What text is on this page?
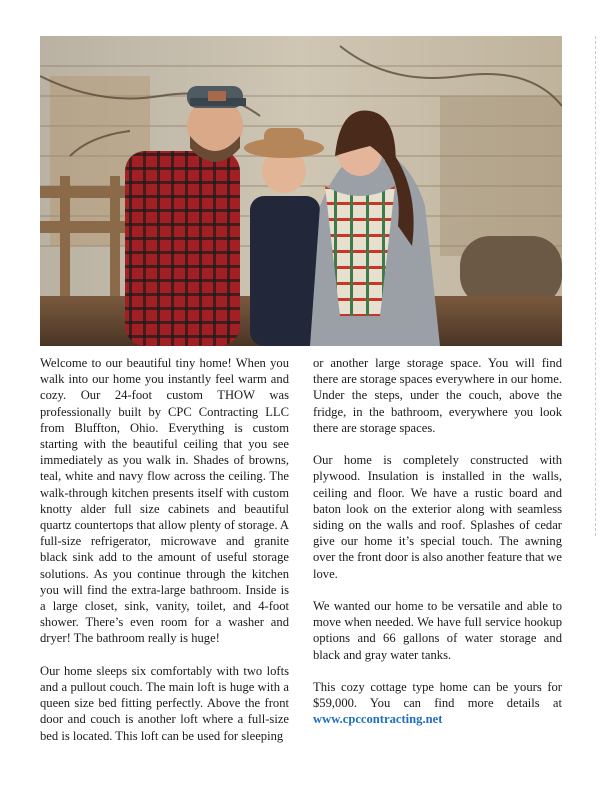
Welcome to our beautiful tiny home! When you walk into our home you instantly feel warm and cozy. Our 24-foot custom THOW was professionally built by CPC Contracting LLC from Bluffton, Ohio. Everything is custom starting with the beautiful ceiling that you see immediately as you walk in. Shades of browns, teal, white and navy flow across the ceiling. The walk-through kitchen presents itself with custom knotty alder full size cabinets and beautiful quartz countertops that allow plenty of storage. A full-size refrigerator, microwave and granite black sink add to the amount of useful storage solutions. As you continue through the kitchen you will find the extra-large bathroom. Inside is a large closet, sink, vanity, toilet, and 4-foot shower. There’s even room for a washer and dryer! The bathroom really is huge!

Our home sleeps six comfortably with two lofts and a pullout couch. The main loft is huge with a queen size bed fitting perfectly. Above the front door and couch is another loft where a full-size bed is located. This loft can be used for sleeping

or another large storage space. You will find there are storage spaces everywhere in our home. Under the steps, under the couch, above the fridge, in the bathroom, everywhere you look there are storage spaces.

Our home is completely constructed with plywood. Insulation is installed in the walls, ceiling and floor. We have a rustic board and baton look on the exterior along with seamless siding on the walls and roof. Splashes of cedar give our home it’s special touch. The awning over the front door is also another feature that we love.

We wanted our home to be versatile and able to move when needed. We have full service hookup options and 66 gallons of water storage and black and gray water tanks.

This cozy cottage type home can be yours for $59,000. You can find more details at www.cpccontracting.net
